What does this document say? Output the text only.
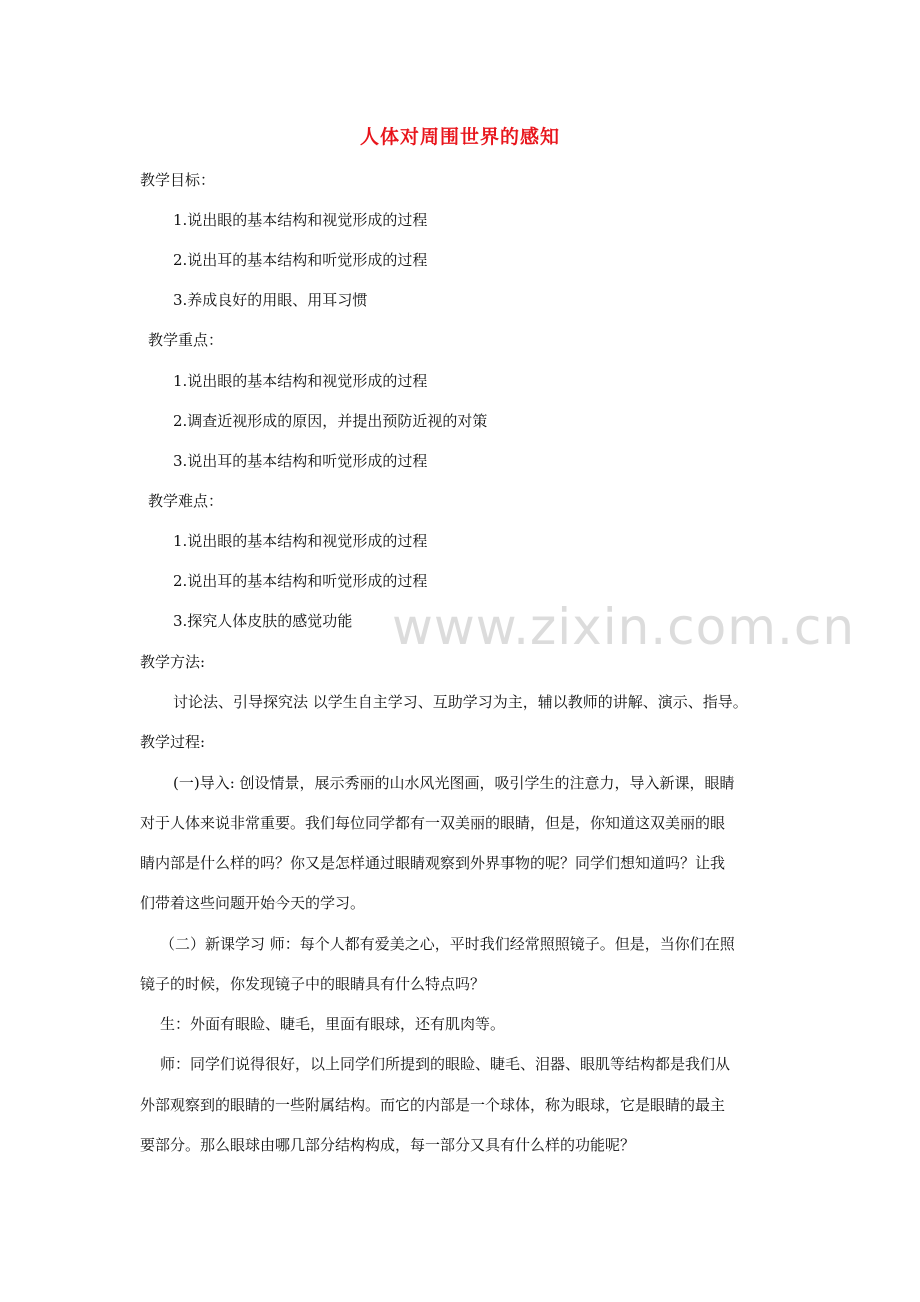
人体对周围世界的感知
www.zixin.com.cn
教学目标：
1.说出眼的基本结构和视觉形成的过程
2.说出耳的基本结构和听觉形成的过程
3.养成良好的用眼、用耳习惯
教学重点：
1.说出眼的基本结构和视觉形成的过程
2.调查近视形成的原因，并提出预防近视的对策
3.说出耳的基本结构和听觉形成的过程
教学难点：
1.说出眼的基本结构和视觉形成的过程
2.说出耳的基本结构和听觉形成的过程
3.探究人体皮肤的感觉功能
教学方法:
讨论法、引导探究法 以学生自主学习、互助学习为主，辅以教师的讲解、演示、指导。
教学过程:
(一)导入: 创设情景，展示秀丽的山水风光图画，吸引学生的注意力，导入新课，眼睛
对于人体来说非常重要。我们每位同学都有一双美丽的眼睛，但是，你知道这双美丽的眼
睛内部是什么样的吗？你又是怎样通过眼睛观察到外界事物的呢？同学们想知道吗？让我
们带着这些问题开始今天的学习。
（二）新课学习 师：每个人都有爱美之心，平时我们经常照照镜子。但是，当你们在照
镜子的时候，你发现镜子中的眼睛具有什么特点吗？
生：外面有眼睑、睫毛，里面有眼球，还有肌肉等。
师：同学们说得很好，以上同学们所提到的眼睑、睫毛、泪器、眼肌等结构都是我们从
外部观察到的眼睛的一些附属结构。而它的内部是一个球体，称为眼球，它是眼睛的最主
要部分。那么眼球由哪几部分结构构成，每一部分又具有什么样的功能呢？
